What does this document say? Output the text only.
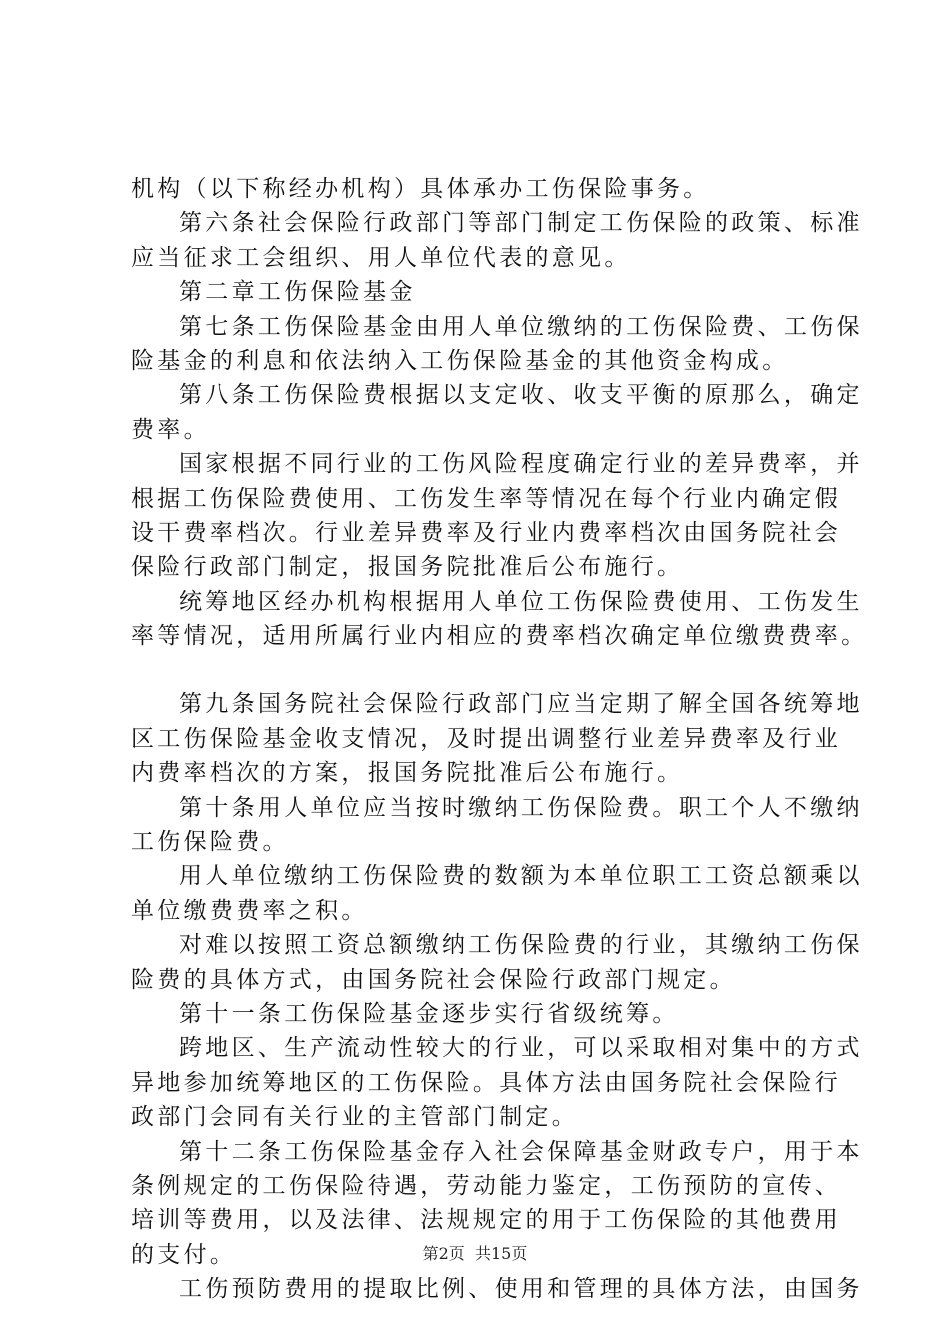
机构（以下称经办机构）具体承办工伤保险事务。
第六条社会保险行政部门等部门制定工伤保险的政策、标准
应当征求工会组织、用人单位代表的意见。
第二章工伤保险基金
第七条工伤保险基金由用人单位缴纳的工伤保险费、工伤保
险基金的利息和依法纳入工伤保险基金的其他资金构成。
第八条工伤保险费根据以支定收、收支平衡的原那么，确定
费率。
国家根据不同行业的工伤风险程度确定行业的差异费率，并
根据工伤保险费使用、工伤发生率等情况在每个行业内确定假
设干费率档次。行业差异费率及行业内费率档次由国务院社会
保险行政部门制定，报国务院批准后公布施行。
统筹地区经办机构根据用人单位工伤保险费使用、工伤发生
率等情况，适用所属行业内相应的费率档次确定单位缴费费率。
第九条国务院社会保险行政部门应当定期了解全国各统筹地
区工伤保险基金收支情况，及时提出调整行业差异费率及行业
内费率档次的方案，报国务院批准后公布施行。
第十条用人单位应当按时缴纳工伤保险费。职工个人不缴纳
工伤保险费。
用人单位缴纳工伤保险费的数额为本单位职工工资总额乘以
单位缴费费率之积。
对难以按照工资总额缴纳工伤保险费的行业，其缴纳工伤保
险费的具体方式，由国务院社会保险行政部门规定。
第十一条工伤保险基金逐步实行省级统筹。
跨地区、生产流动性较大的行业，可以采取相对集中的方式
异地参加统筹地区的工伤保险。具体方法由国务院社会保险行
政部门会同有关行业的主管部门制定。
第十二条工伤保险基金存入社会保障基金财政专户，用于本
条例规定的工伤保险待遇，劳动能力鉴定，工伤预防的宣传、
培训等费用，以及法律、法规规定的用于工伤保险的其他费用
的支付。
工伤预防费用的提取比例、使用和管理的具体方法，由国务
第2页 共15页
